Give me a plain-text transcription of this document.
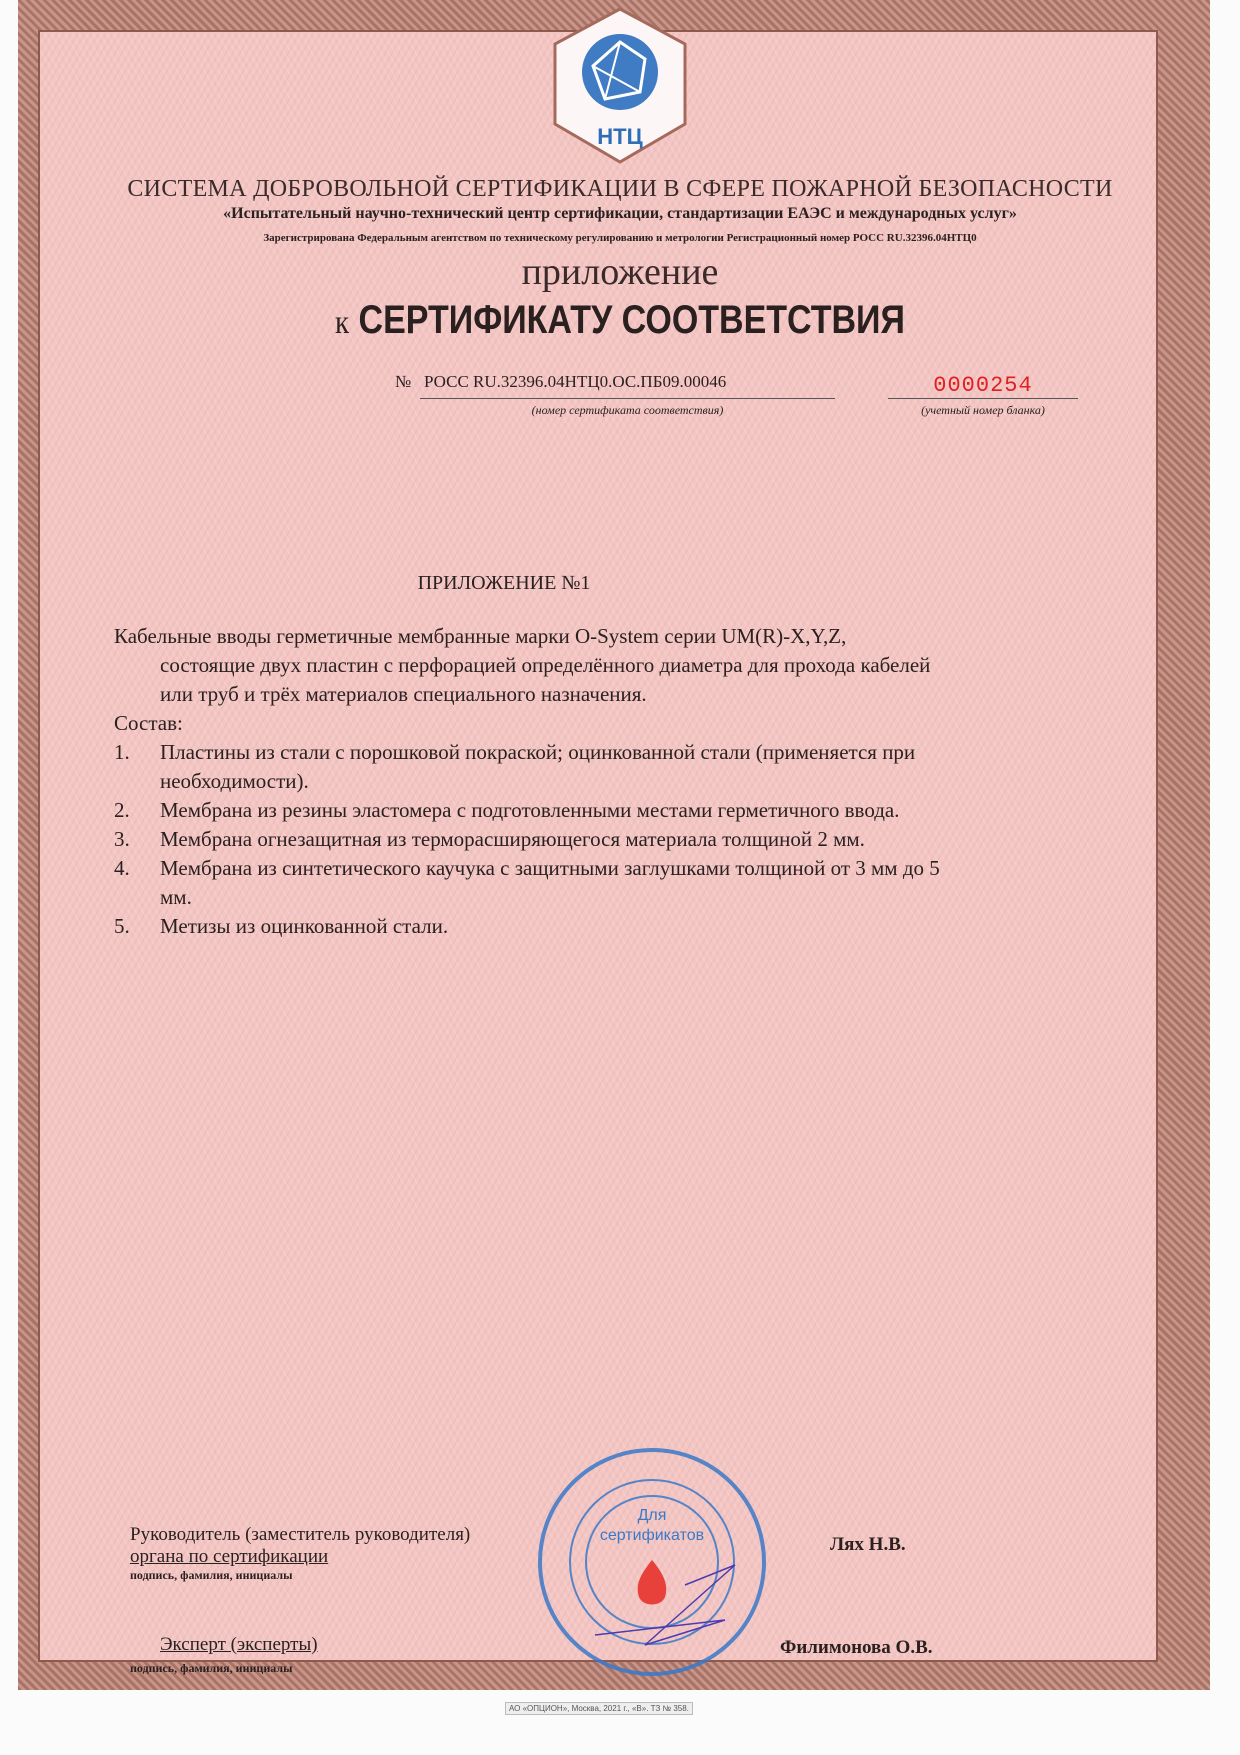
НТЦ
СИСТЕМА ДОБРОВОЛЬНОЙ СЕРТИФИКАЦИИ В СФЕРЕ ПОЖАРНОЙ БЕЗОПАСНОСТИ
«Испытательный научно-технический центр сертификации, стандартизации ЕАЭС и международных услуг»
Зарегистрирована Федеральным агентством по техническому регулированию и метрологии Регистрационный номер РОСС RU.32396.04НТЦ0
приложение
к СЕРТИФИКАТУ СООТВЕТСТВИЯ
№ РОСС RU.32396.04НТЦ0.ОС.ПБ09.00046
(номер сертификата соответствия)
0000254
(учетный номер бланка)
ПРИЛОЖЕНИЕ №1

Кабельные вводы герметичные мембранные марки O-System серии UM(R)-X,Y,Z,

состоящие двух пластин с перфорацией определённого диаметра для прохода кабелей

или труб и трёх материалов специального назначения.

Состав:

1.	Пластины из стали с порошковой покраской; оцинкованной стали (применяется при
необходимости).
2.	Мембрана из резины эластомера с подготовленными местами герметичного ввода.
3.	Мембрана огнезащитная из терморасширяющегося материала толщиной 2 мм.
4.	Мембрана из синтетического каучука с защитными заглушками толщиной от 3 мм до 5
мм.
5.	Метизы из оцинкованной стали.
Руководитель (заместитель руководителя)
органа по сертификации
подпись, фамилия, инициалы
Лях Н.В.
Эксперт (эксперты)
подпись, фамилия, инициалы
Филимонова О.В.
Для
сертификатов
АО «ОПЦИОН», Москва, 2021 г., «В». ТЗ № 358.
